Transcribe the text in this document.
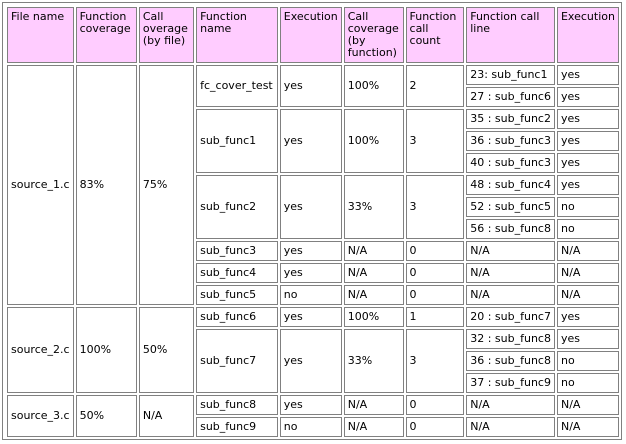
File name	Function coverage	Call overage (by file)	Function name	Execution	Call coverage (by function)	Function call count	Function call line	Execution
source_1.c	83%	75%	fc_cover_test	yes	100%	2	23: sub_func1	yes
							27 : sub_func6	yes
			sub_func1	yes	100%	3	35 : sub_func2	yes
							36 : sub_func3	yes
							40 : sub_func3	yes
			sub_func2	yes	33%	3	48 : sub_func4	yes
							52 : sub_func5	no
							56 : sub_func8	no
			sub_func3	yes	N/A	0	N/A	N/A
			sub_func4	yes	N/A	0	N/A	N/A
			sub_func5	no	N/A	0	N/A	N/A
source_2.c	100%	50%	sub_func6	yes	100%	1	20 : sub_func7	yes
			sub_func7	yes	33%	3	32 : sub_func8	yes
							36 : sub_func8	no
							37 : sub_func9	no
source_3.c	50%	N/A	sub_func8	yes	N/A	0	N/A	N/A
			sub_func9	no	N/A	0	N/A	N/A
